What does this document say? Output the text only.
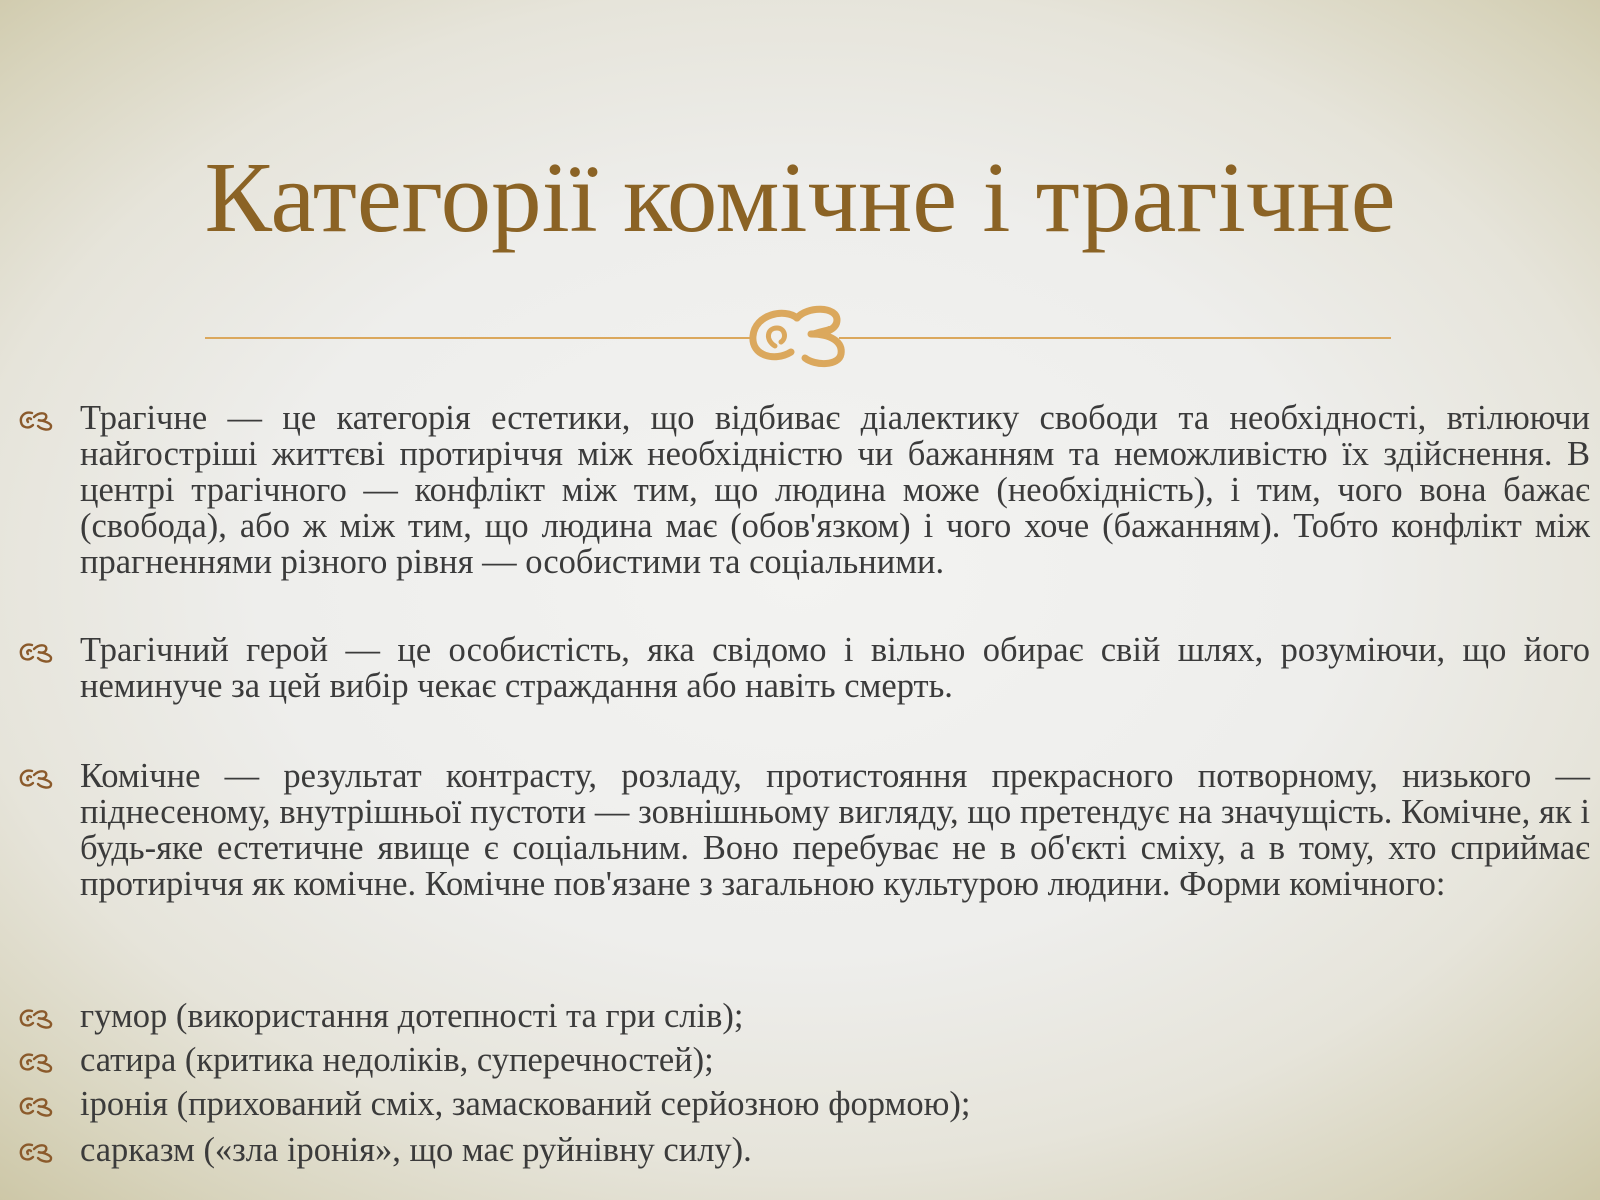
Категорії комічне і трагічне

Трагічне — це категорія естетики, що відбиває діалектику свободи та необхідності, втілюючи найгостріші життєві протиріччя між необхідністю чи бажанням та неможливістю їх здійснення. В центрі трагічного — конфлікт між тим, що людина може (необхідність), і тим, чого вона бажає (свобода), або ж між тим, що людина має (обов'язком) і чого хоче (бажанням). Тобто конфлікт між прагненнями різного рівня — особистими та соціальними.

Трагічний герой — це особистість, яка свідомо і вільно обирає свій шлях, розуміючи, що його неминуче за цей вибір чекає страждання або навіть смерть.

Комічне — результат контрасту, розладу, протистояння прекрасного потворному, низького — піднесеному, внутрішньої пустоти — зовнішньому вигляду, що претендує на значущість. Комічне, як і будь-яке естетичне явище є соціальним. Воно перебуває не в об'єкті сміху, а в тому, хто сприймає протиріччя як комічне. Комічне пов'язане з загальною культурою людини. Форми комічного:

гумор (використання дотепності та гри слів);

сатира (критика недоліків, суперечностей);

іронія (прихований сміх, замаскований серйозною формою);

сарказм («зла іронія», що має руйнівну силу).
